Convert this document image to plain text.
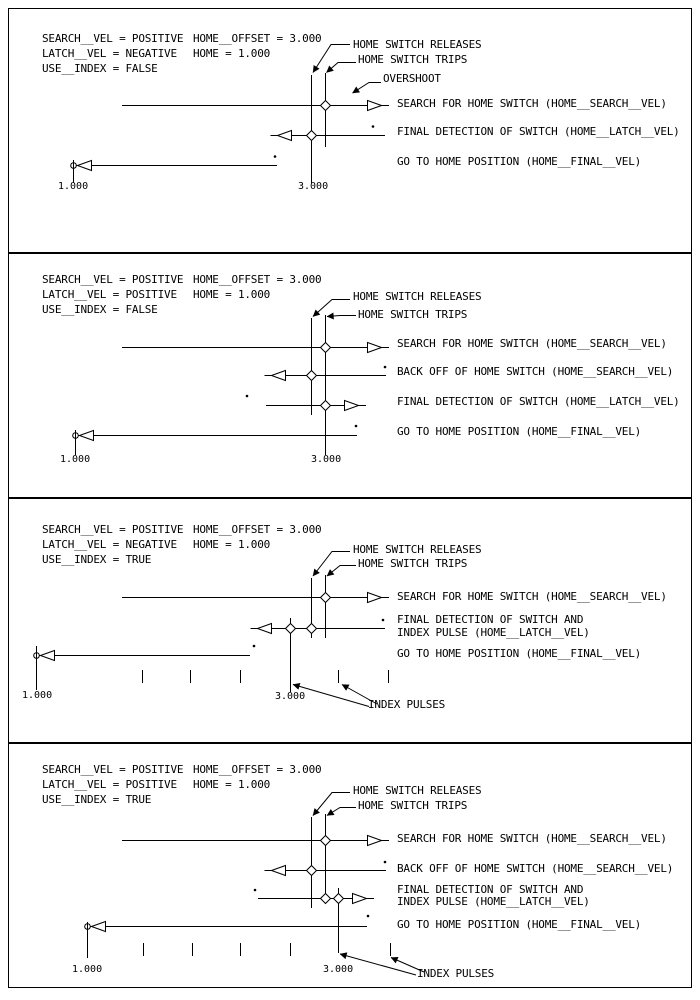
SEARCH__VEL = POSITIVE
LATCH__VEL = NEGATIVE
USE__INDEX = FALSE
HOME__OFFSET = 3.000
HOME = 1.000
HOME SWITCH RELEASES
HOME SWITCH TRIPS
OVERSHOOT
SEARCH FOR HOME SWITCH (HOME__SEARCH__VEL)
FINAL DETECTION OF SWITCH (HOME__LATCH__VEL)
GO TO HOME POSITION (HOME__FINAL__VEL)
1.000	3.000
SEARCH__VEL = POSITIVE
LATCH__VEL = POSITIVE
USE__INDEX = FALSE
HOME__OFFSET = 3.000
HOME = 1.000	HOME SWITCH RELEASES
HOME SWITCH TRIPS
SEARCH FOR HOME SWITCH (HOME__SEARCH__VEL)
BACK OFF OF HOME SWITCH (HOME__SEARCH__VEL)
FINAL DETECTION OF SWITCH (HOME__LATCH__VEL)
GO TO HOME POSITION (HOME__FINAL__VEL)
1.000	3.000
SEARCH__VEL = POSITIVE
LATCH__VEL = NEGATIVE
USE__INDEX = TRUE
HOME__OFFSET = 3.000
HOME = 1.000	HOME SWITCH RELEASES
HOME SWITCH TRIPS
SEARCH FOR HOME SWITCH (HOME__SEARCH__VEL)
FINAL DETECTION OF SWITCH AND
INDEX PULSE (HOME__LATCH__VEL)
GO TO HOME POSITION (HOME__FINAL__VEL)
1.000	3.000
INDEX PULSES
SEARCH__VEL = POSITIVE
LATCH__VEL = POSITIVE
USE__INDEX = TRUE
HOME__OFFSET = 3.000
HOME = 1.000	HOME SWITCH RELEASES
HOME SWITCH TRIPS
SEARCH FOR HOME SWITCH (HOME__SEARCH__VEL)
BACK OFF OF HOME SWITCH (HOME__SEARCH__VEL)
FINAL DETECTION OF SWITCH AND
INDEX PULSE (HOME__LATCH__VEL)
GO TO HOME POSITION (HOME__FINAL__VEL)
1.000	3.000	INDEX PULSES
